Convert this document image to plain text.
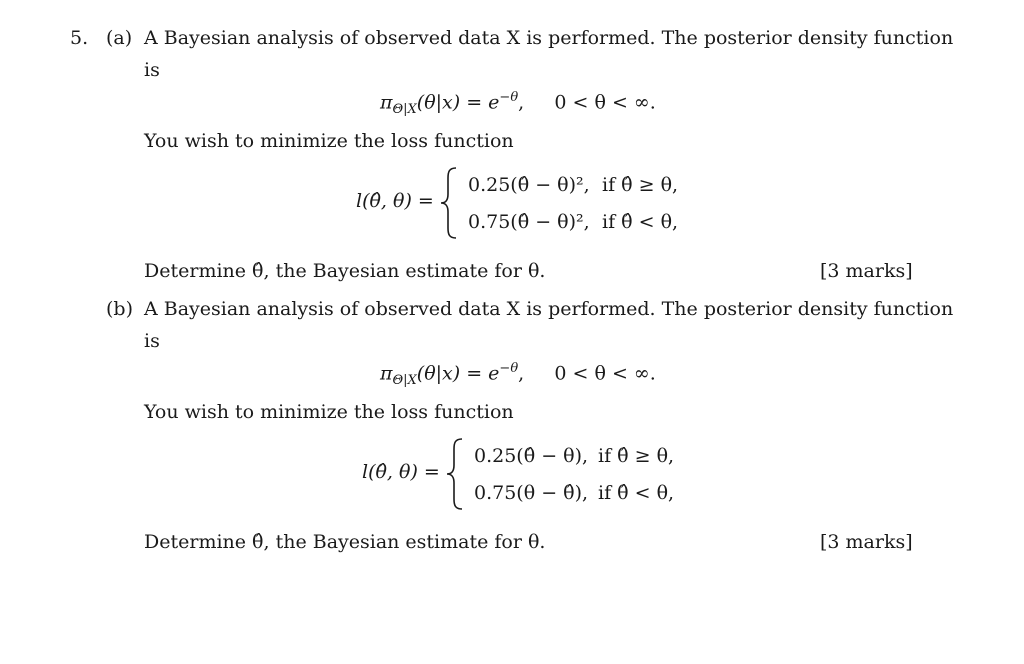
5. (a) A Bayesian analysis of observed data X is performed. The posterior density function
is
$\pi_{\Theta|X}(\theta|x) = e^{-\theta}$,     0 < θ < ∞.
You wish to minimize the loss function
l(θ̂, θ) =
0.25(θ̂ − θ)², if θ̂ ≥ θ,
0.75(θ̂ − θ)², if θ̂ < θ,
Determine θ̂, the Bayesian estimate for θ.	[3 marks]
(b) A Bayesian analysis of observed data X is performed. The posterior density function
is
$\pi_{\Theta|X}(\theta|x) = e^{-\theta}$,     0 < θ < ∞.
You wish to minimize the loss function
l(θ̂, θ) =
0.25(θ̂ − θ), if θ̂ ≥ θ,
0.75(θ − θ̂), if θ̂ < θ,
Determine θ̂, the Bayesian estimate for θ.	[3 marks]
